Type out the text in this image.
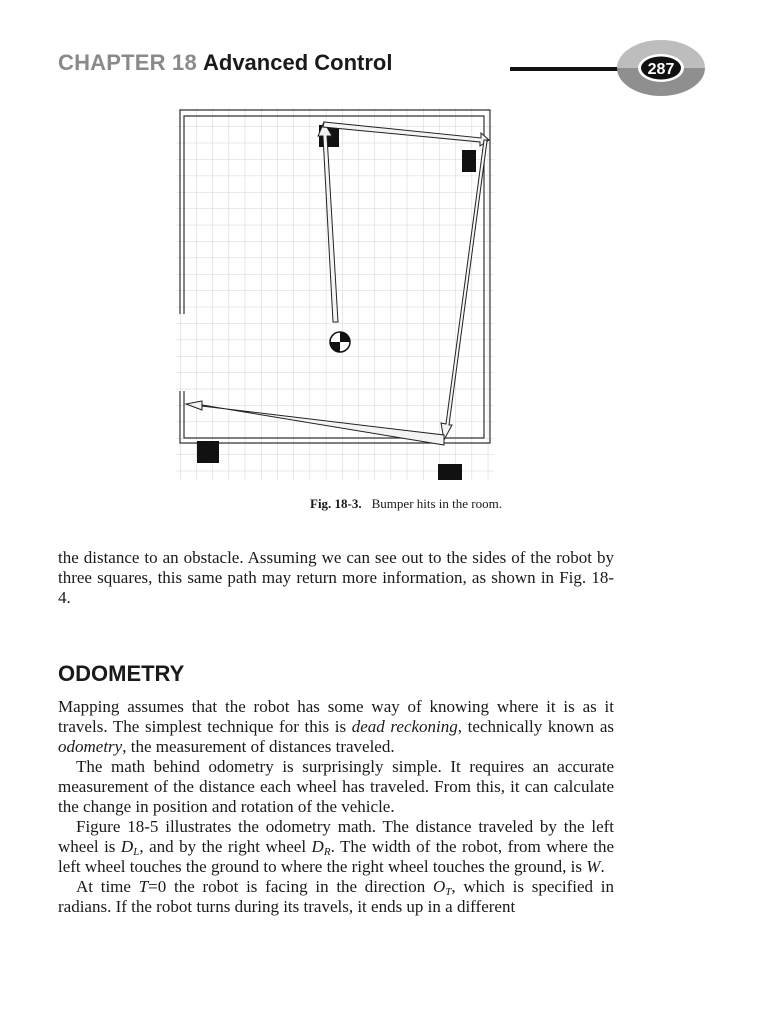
CHAPTER 18 Advanced Control	287
Fig. 18-3. Bumper hits in the room.

the distance to an obstacle. Assuming we can see out to the sides of the robot by three squares, this same path may return more information, as shown in Fig. 18-4.

ODOMETRY

Mapping assumes that the robot has some way of knowing where it is as it travels. The simplest technique for this is dead reckoning, technically known as odometry, the measurement of distances traveled.

The math behind odometry is surprisingly simple. It requires an accurate measurement of the distance each wheel has traveled. From this, it can calculate the change in position and rotation of the vehicle.

Figure 18-5 illustrates the odometry math. The distance traveled by the left wheel is $D_L$, and by the right wheel $D_R$. The width of the robot, from where the left wheel touches the ground to where the right wheel touches the ground, is W.

At time T=0 the robot is facing in the direction $O_T$, which is specified in radians. If the robot turns during its travels, it ends up in a different
